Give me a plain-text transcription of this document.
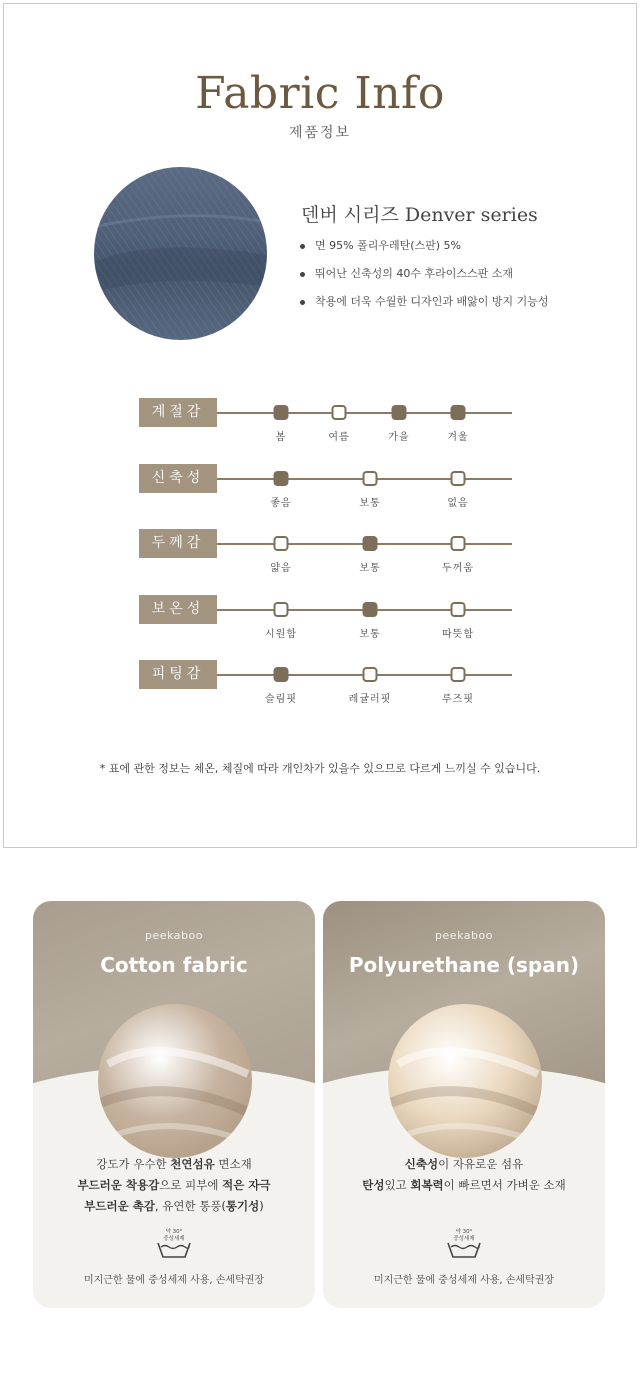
Fabric Info
제품정보
덴버 시리즈 Denver series
면 95% 폴리우레탄(스판) 5%
뛰어난 신축성의 40수 후라이스스판 소재
착용에 더욱 수월한 디자인과 배앓이 방지 기능성
계절감
봄	여름	가을	겨울
신축성
좋음	보통	없음
두께감
얇음	보통	두꺼움
보온성
시원함	보통	따뜻함
피팅감
슬림핏	레귤러핏	루즈핏
* 표에 관한 정보는 체온, 체질에 따라 개인차가 있을수 있으므로 다르게 느끼실 수 있습니다.
peekaboo
Cotton fabric
강도가 우수한 천연섬유 면소재
부드러운 착용감으로 피부에 적은 자극
부드러운 촉감, 유연한 통풍(통기성)
약 30°
중성세제
미지근한 물에 중성세제 사용, 손세탁권장
peekaboo
Polyurethane (span)
신축성이 자유로운 섬유
탄성있고 회복력이 빠르면서 가벼운 소재
약 30°
중성세제
미지근한 물에 중성세제 사용, 손세탁권장
